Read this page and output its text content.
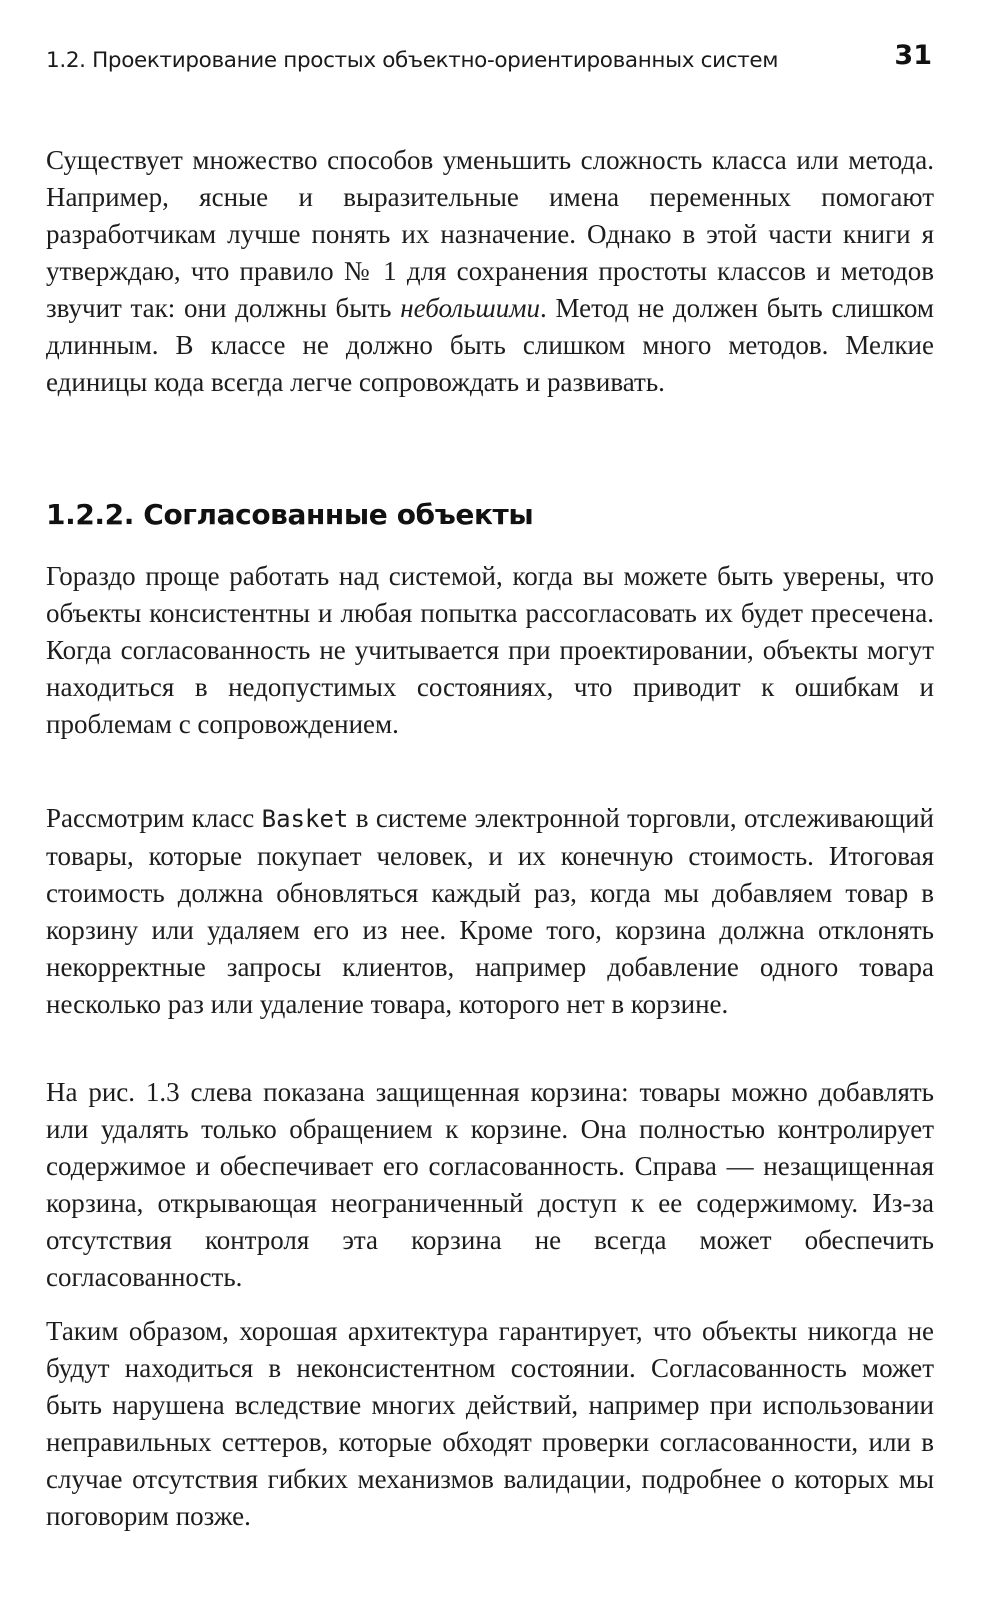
1.2. Проектирование простых объектно-ориентированных систем	31

Существует множество способов уменьшить сложность класса или метода. Например, ясные и выразительные имена переменных помогают разработчикам лучше понять их назначение. Однако в этой части книги я утверждаю, что правило № 1 для сохранения простоты классов и методов звучит так: они должны быть небольшими. Метод не должен быть слишком длинным. В классе не должно быть слишком много методов. Мелкие единицы кода всегда легче сопровождать и развивать.

1.2.2. Согласованные объекты

Гораздо проще работать над системой, когда вы можете быть уверены, что объекты консистентны и любая попытка рассогласовать их будет пресечена. Когда согласованность не учитывается при проектировании, объекты могут находиться в недопустимых состояниях, что приводит к ошибкам и проблемам с сопровождением.

Рассмотрим класс Basket в системе электронной торговли, отслеживающий товары, которые покупает человек, и их конечную стоимость. Итоговая стоимость должна обновляться каждый раз, когда мы добавляем товар в корзину или удаляем его из нее. Кроме того, корзина должна отклонять некорректные запросы клиентов, например добавление одного товара несколько раз или удаление товара, которого нет в корзине.

На рис. 1.3 слева показана защищенная корзина: товары можно добавлять или удалять только обращением к корзине. Она полностью контролирует содержимое и обеспечивает его согласованность. Справа — незащищенная корзина, открывающая неограниченный доступ к ее содержимому. Из-за отсутствия контроля эта корзина не всегда может обеспечить согласованность.

Таким образом, хорошая архитектура гарантирует, что объекты никогда не будут находиться в неконсистентном состоянии. Согласованность может быть нарушена вследствие многих действий, например при использовании неправильных сеттеров, которые обходят проверки согласованности, или в случае отсутствия гибких механизмов валидации, подробнее о которых мы поговорим позже.
